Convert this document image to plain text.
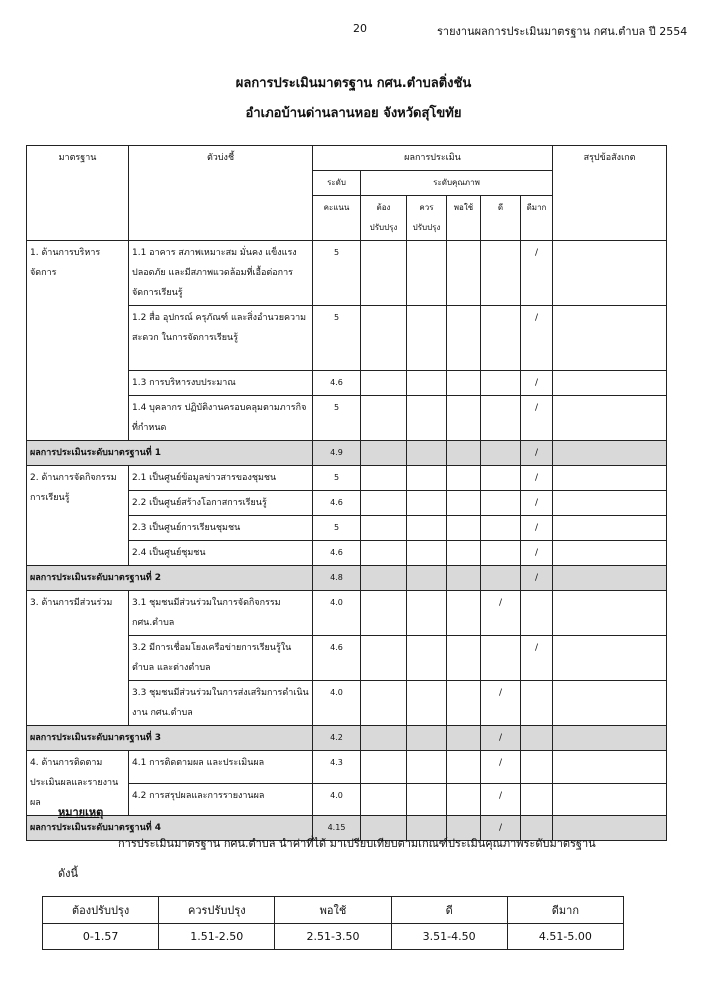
20	รายงานผลการประเมินมาตรฐาน กศน.ตำบล ปี 2554
ผลการประเมินมาตรฐาน กศน.ตำบลติ่งชัน
อำเภอบ้านด่านลานหอย จังหวัดสุโขทัย
มาตรฐาน	ตัวบ่งชี้	ผลการประเมิน						สรุปข้อสังเกต
		ระดับ	ระดับคุณภาพ					
		คะแนน	ต้อง ปรับปรุง	ควร ปรับปรุง	พอใช้	ดี	ดีมาก	
1. ด้านการบริหารจัดการ	1.1 อาคาร สภาพเหมาะสม มั่นคง แข็งแรง ปลอดภัย และมีสภาพแวดล้อมที่เอื้อต่อการจัดการเรียนรู้	5					/	
	1.2 สื่อ อุปกรณ์ ครุภัณฑ์ และสิ่งอำนวยความสะดวก ในการจัดการเรียนรู้	5					/	
	1.3 การบริหารงบประมาณ	4.6					/	
	1.4 บุคลากร ปฏิบัติงานครอบคลุมตามภารกิจที่กำหนด	5					/	
ผลการประเมินระดับมาตรฐานที่ 1		4.9					/	
2. ด้านการจัดกิจกรรมการเรียนรู้	2.1 เป็นศูนย์ข้อมูลข่าวสารของชุมชน	5					/	
	2.2 เป็นศูนย์สร้างโอกาสการเรียนรู้	4.6					/	
	2.3 เป็นศูนย์การเรียนชุมชน	5					/	
	2.4 เป็นศูนย์ชุมชน	4.6					/	
ผลการประเมินระดับมาตรฐานที่ 2		4.8					/	
3. ด้านการมีส่วนร่วม	3.1 ชุมชนมีส่วนร่วมในการจัดกิจกรรม กศน.ตำบล	4.0				/		
	3.2 มีการเชื่อมโยงเครือข่ายการเรียนรู้ในตำบล และต่างตำบล	4.6					/	
	3.3 ชุมชนมีส่วนร่วมในการส่งเสริมการดำเนินงาน กศน.ตำบล	4.0				/		
ผลการประเมินระดับมาตรฐานที่ 3		4.2				/		
4. ด้านการติดตามประเมินผลและรายงานผล	4.1 การติดตามผล และประเมินผล	4.3				/		
	4.2 การสรุปผลและการรายงานผล	4.0				/		
ผลการประเมินระดับมาตรฐานที่ 4		4.15				/		
หมายเหตุ
การประเมินมาตรฐาน กศน.ตำบล นำค่าที่ได้ มาเปรียบเทียบตามเกณฑ์ประเมินคุณภาพระดับมาตรฐาน
ดังนี้
ต้องปรับปรุง	ควรปรับปรุง	พอใช้	ดี	ดีมาก
0-1.57	1.51-2.50	2.51-3.50	3.51-4.50	4.51-5.00
